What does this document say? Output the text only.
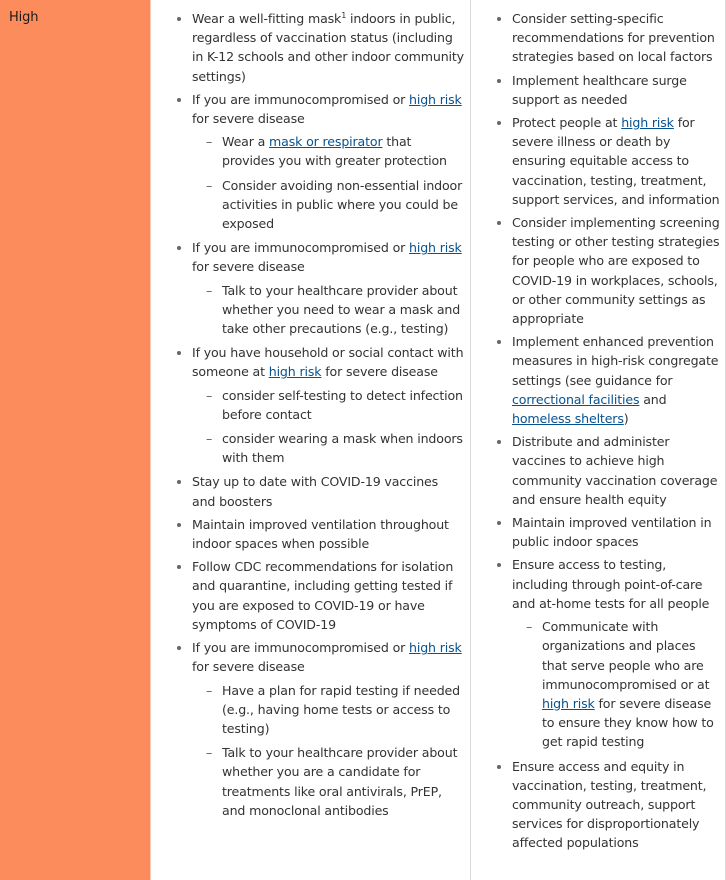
High	Wear a well-fitting mask$^1$ indoors in public, regardless of vaccination status (including in K-12 schools and other indoor community settings)
If you are immunocompromised or high risk for severe disease
– Wear a mask or respirator that provides you with greater protection
– Consider avoiding non-essential indoor activities in public where you could be exposed
If you are immunocompromised or high risk for severe disease
– Talk to your healthcare provider about whether you need to wear a mask and take other precautions (e.g., testing)
If you have household or social contact with someone at high risk for severe disease
– consider self-testing to detect infection before contact
– consider wearing a mask when indoors with them
Stay up to date with COVID-19 vaccines and boosters
Maintain improved ventilation throughout indoor spaces when possible
Follow CDC recommendations for isolation and quarantine, including getting tested if you are exposed to COVID-19 or have symptoms of COVID-19
If you are immunocompromised or high risk for severe disease
– Have a plan for rapid testing if needed (e.g., having home tests or access to testing)
– Talk to your healthcare provider about whether you are a candidate for treatments like oral antivirals, PrEP, and monoclonal antibodies
Consider setting-specific recommendations for prevention strategies based on local factors
Implement healthcare surge support as needed
Protect people at high risk for severe illness or death by ensuring equitable access to vaccination, testing, treatment, support services, and information
Consider implementing screening testing or other testing strategies for people who are exposed to COVID-19 in workplaces, schools, or other community settings as appropriate
Implement enhanced prevention measures in high-risk congregate settings (see guidance for correctional facilities and homeless shelters)
Distribute and administer vaccines to achieve high community vaccination coverage and ensure health equity
Maintain improved ventilation in public indoor spaces
Ensure access to testing, including through point-of-care and at-home tests for all people
– Communicate with organizations and places that serve people who are immunocompromised or at high risk for severe disease to ensure they know how to get rapid testing
Ensure access and equity in vaccination, testing, treatment, community outreach, support services for disproportionately affected populations
